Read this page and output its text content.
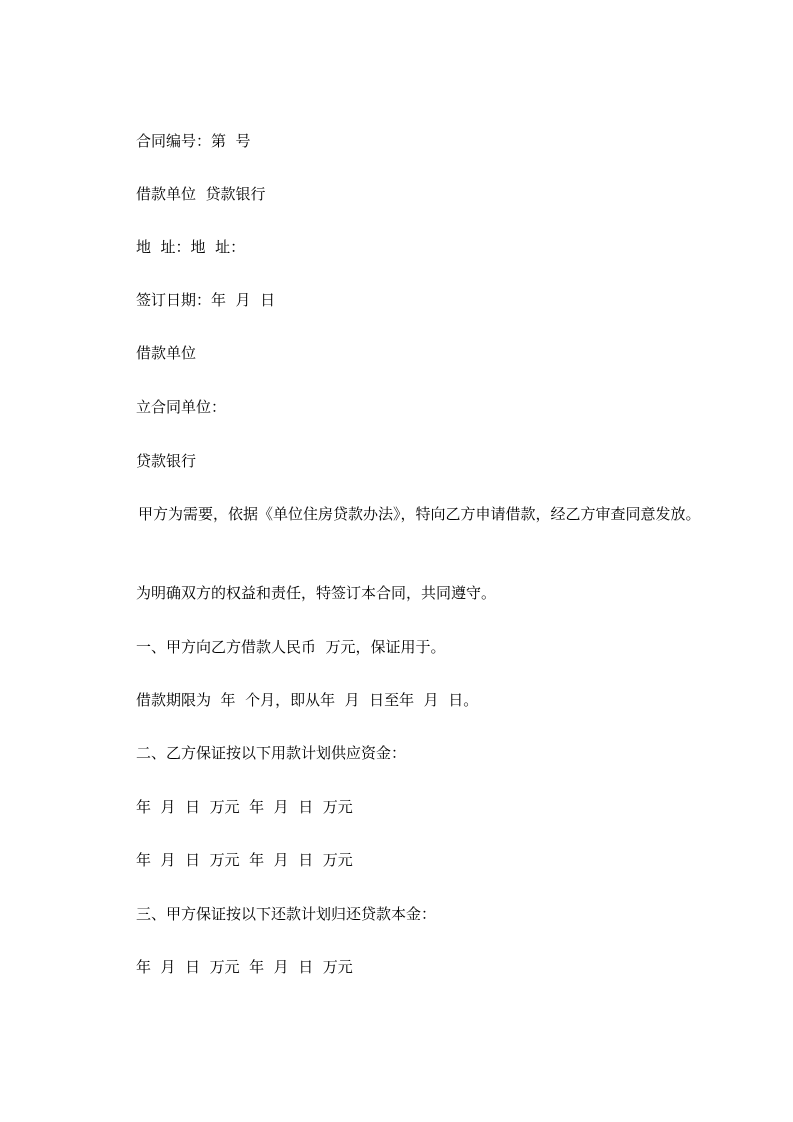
合同编号：第  号

借款单位  贷款银行

地  址：地  址：

签订日期：年  月  日

借款单位

立合同单位：

贷款银行

甲方为需要，依据《单位住房贷款办法》，特向乙方申请借款，经乙方审查同意发放。

为明确双方的权益和责任，特签订本合同，共同遵守。

一、甲方向乙方借款人民币  万元，保证用于。

借款期限为  年  个月，即从年  月  日至年  月  日。

二、乙方保证按以下用款计划供应资金：

年  月  日  万元  年  月  日  万元

年  月  日  万元  年  月  日  万元

三、甲方保证按以下还款计划归还贷款本金：

年  月  日  万元  年  月  日  万元
